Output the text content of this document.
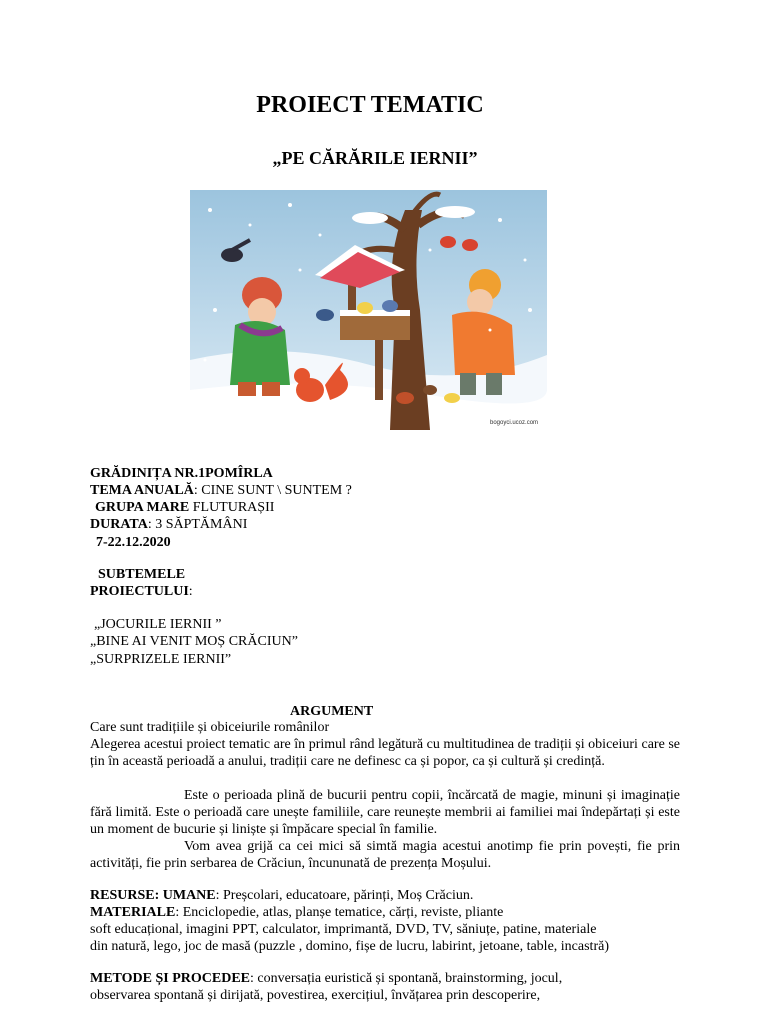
PROIECT TEMATIC
„PE CĂRĂRILE IERNII”
bogoyci.ucoz.com
GRĂDINIȚA NR.1POMÎRLA
TEMA ANUALĂ: CINE SUNT \ SUNTEM ?
GRUPA MARE FLUTURAȘII
DURATA: 3 SĂPTĂMÂNI
7-22.12.2020
SUBTEMELE
PROIECTULUI:
„JOCURILE IERNII ”
„BINE AI VENIT MOȘ CRĂCIUN”
„SURPRIZELE IERNII”
ARGUMENT
Care sunt tradițiile și obiceiurile românilor
Alegerea acestui proiect tematic are în primul rând legătură cu multitudinea de tradiții și obiceiuri care se țin în această perioadă a anului, tradiții care ne definesc ca și popor, ca și cultură și credință.
Este o perioada plină de bucurii pentru copii, încărcată de magie, minuni și imaginație fără limită. Este o perioadă care unește familiile, care reunește membrii ai familiei mai îndepărtați și este un moment de bucurie și liniște și împăcare special în familie.
Vom avea grijă ca cei mici să simtă magia acestui anotimp fie prin povești, fie prin activități, fie prin serbarea de Crăciun, încununată de prezența Moșului.
RESURSE: UMANE: Preșcolari, educatoare, părinți, Moș Crăciun.
MATERIALE: Enciclopedie, atlas, planșe tematice, cărți, reviste, pliante
soft educațional, imagini PPT, calculator, imprimantă, DVD, TV, săniuțe, patine, materiale
din natură, lego, joc de masă (puzzle , domino, fișe de lucru, labirint, jetoane, table, incastră)
METODE ȘI PROCEDEE: conversația euristică și spontană, brainstorming, jocul,
observarea spontană și dirijată, povestirea, exercițiul, învățarea prin descoperire,
